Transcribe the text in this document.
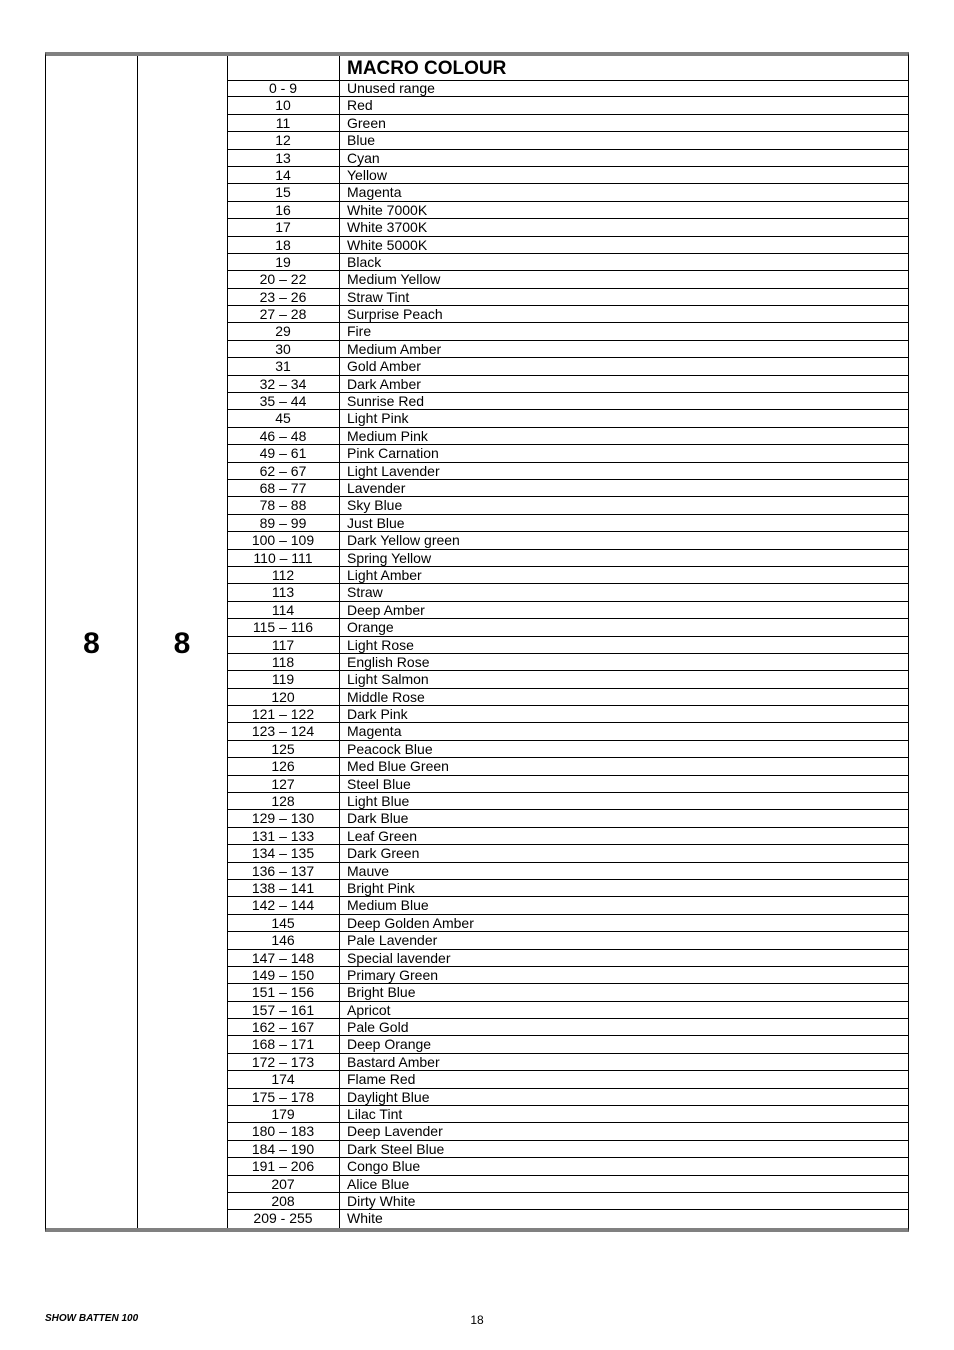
8 8
MACRO COLOUR
0 - 9	Unused range
10	Red
11	Green
12	Blue
13	Cyan
14	Yellow
15	Magenta
16	White 7000K
17	White 3700K
18	White 5000K
19	Black
20 – 22	Medium Yellow
23 – 26	Straw Tint
27 – 28	Surprise Peach
29	Fire
30	Medium Amber
31	Gold Amber
32 – 34	Dark Amber
35 – 44	Sunrise Red
45	Light Pink
46 – 48	Medium Pink
49 – 61	Pink Carnation
62 – 67	Light Lavender
68 – 77	Lavender
78 – 88	Sky Blue
89 – 99	Just Blue
100 – 109	Dark Yellow green
110 – 111	Spring Yellow
112	Light Amber
113	Straw
114	Deep Amber
115 – 116	Orange
117	Light Rose
118	English Rose
119	Light Salmon
120	Middle Rose
121 – 122	Dark Pink
123 – 124	Magenta
125	Peacock Blue
126	Med Blue Green
127	Steel Blue
128	Light Blue
129 – 130	Dark Blue
131 – 133	Leaf Green
134 – 135	Dark Green
136 – 137	Mauve
138 – 141	Bright Pink
142 – 144	Medium Blue
145	Deep Golden Amber
146	Pale Lavender
147 – 148	Special lavender
149 – 150	Primary Green
151 – 156	Bright Blue
157 – 161	Apricot
162 – 167	Pale Gold
168 – 171	Deep Orange
172 – 173	Bastard Amber
174	Flame Red
175 – 178	Daylight Blue
179	Lilac Tint
180 – 183	Deep Lavender
184 – 190	Dark Steel Blue
191 – 206	Congo Blue
207	Alice Blue
208	Dirty White
209 - 255	White
SHOW BATTEN 100	18
